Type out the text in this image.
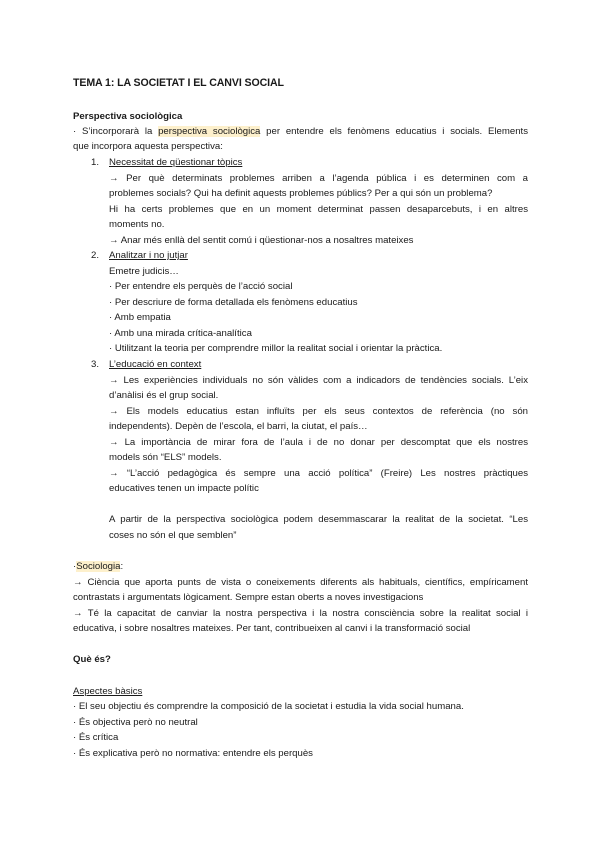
TEMA 1: LA SOCIETAT I EL CANVI SOCIAL
Perspectiva sociològica
· S’incorporarà la perspectiva sociològica per entendre els fenòmens educatius i socials. Elements
que incorpora aquesta perspectiva:
1. Necessitat de qüestionar tòpics
→ Per què determinats problemes arriben a l’agenda pública i es determinen com a
problemes socials? Qui ha definit aquests problemes públics? Per a qui són un problema?
Hi ha certs problemes que en un moment determinat passen desaparcebuts, i en altres
moments no.
→ Anar més enllà del sentit comú i qüestionar-nos a nosaltres mateixes
2. Analitzar i no jutjar
Emetre judicis…
· Per entendre els perquès de l’acció social
· Per descriure de forma detallada els fenòmens educatius
· Amb empatia
· Amb una mirada crítica-analítica
· Utilitzant la teoria per comprendre millor la realitat social i orientar la pràctica.
3. L’educació en context
→ Les experiències individuals no són vàlides com a indicadors de tendències socials. L’eix
d’anàlisi és el grup social.
→ Els models educatius estan influïts per els seus contextos de referència (no són
independents). Depèn de l’escola, el barri, la ciutat, el país…
→ La importància de mirar fora de l’aula i de no donar per descomptat que els nostres
models són “ELS” models.
→ “L’acció pedagògica és sempre una acció política” (Freire) Les nostres pràctiques
educatives tenen un impacte polític
A partir de la perspectiva sociològica podem desemmascarar la realitat de la societat. “Les
coses no són el que semblen”
·Sociologia:
→ Ciència que aporta punts de vista o coneixements diferents als habituals, científics, empíricament
contrastats i argumentats lògicament. Sempre estan oberts a noves investigacions
→ Té la capacitat de canviar la nostra perspectiva i la nostra consciència sobre la realitat social i
educativa, i sobre nosaltres mateixes. Per tant, contribueixen al canvi i la transformació social
Què és?
Aspectes bàsics
· El seu objectiu és comprendre la composició de la societat i estudia la vida social humana.
· És objectiva però no neutral
· És crítica
· És explicativa però no normativa: entendre els perquès
